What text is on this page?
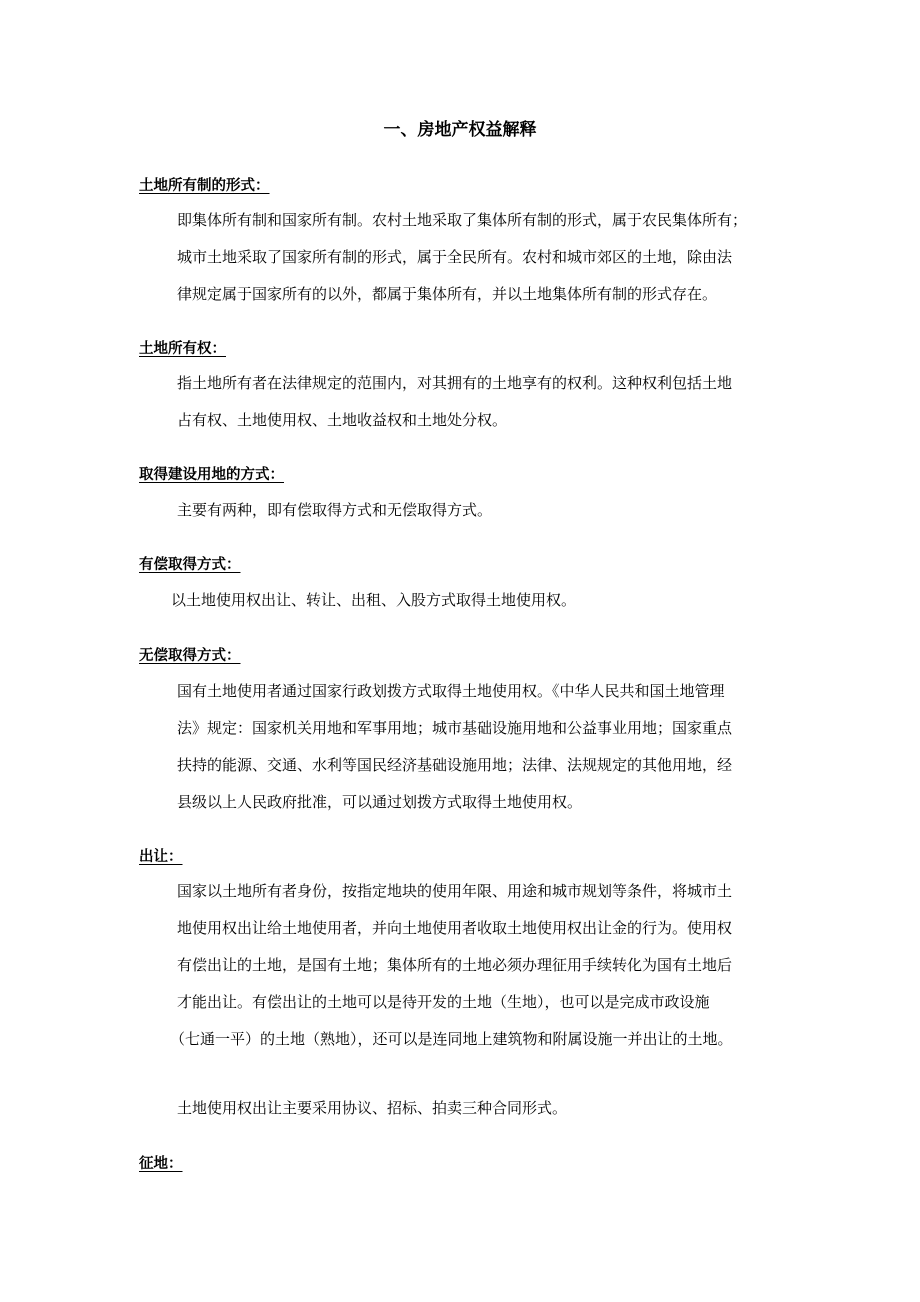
一、房地产权益解释
土地所有制的形式：
即集体所有制和国家所有制。农村土地采取了集体所有制的形式，属于农民集体所有；
城市土地采取了国家所有制的形式，属于全民所有。农村和城市郊区的土地，除由法
律规定属于国家所有的以外，都属于集体所有，并以土地集体所有制的形式存在。
土地所有权：
指土地所有者在法律规定的范围内，对其拥有的土地享有的权利。这种权利包括土地
占有权、土地使用权、土地收益权和土地处分权。
取得建设用地的方式：
主要有两种，即有偿取得方式和无偿取得方式。
有偿取得方式：
以土地使用权出让、转让、出租、入股方式取得土地使用权。
无偿取得方式：
国有土地使用者通过国家行政划拨方式取得土地使用权。《中华人民共和国土地管理
法》规定：国家机关用地和军事用地；城市基础设施用地和公益事业用地；国家重点
扶持的能源、交通、水利等国民经济基础设施用地；法律、法规规定的其他用地，经
县级以上人民政府批准，可以通过划拨方式取得土地使用权。
出让：
国家以土地所有者身份，按指定地块的使用年限、用途和城市规划等条件，将城市土
地使用权出让给土地使用者，并向土地使用者收取土地使用权出让金的行为。使用权
有偿出让的土地，是国有土地；集体所有的土地必须办理征用手续转化为国有土地后
才能出让。有偿出让的土地可以是待开发的土地（生地），也可以是完成市政设施
（七通一平）的土地（熟地），还可以是连同地上建筑物和附属设施一并出让的土地。
土地使用权出让主要采用协议、招标、拍卖三种合同形式。
征地：
